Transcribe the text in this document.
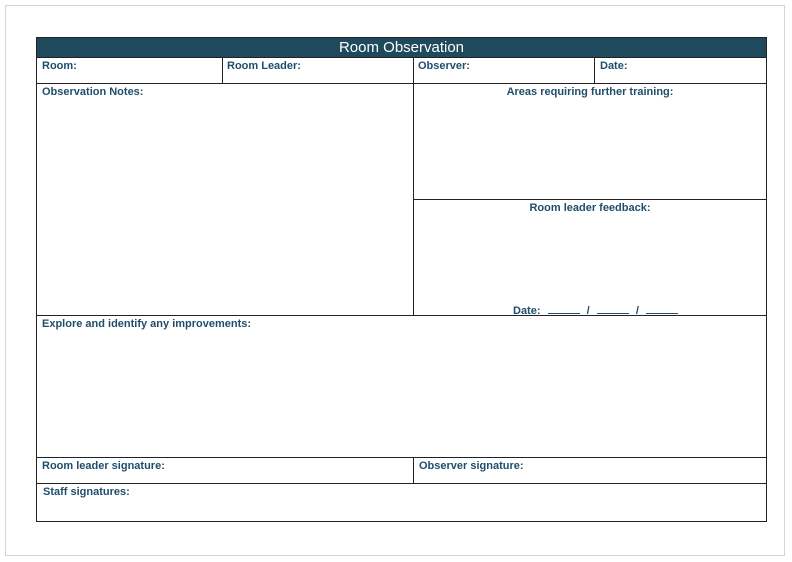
Room Observation
Room:	Room Leader:	Observer:	Date:
Observation Notes:	Areas requiring further training:
Room leader feedback:
Date:	/	/
Explore and identify any improvements:
Room leader signature:	Observer signature:
Staff signatures:
